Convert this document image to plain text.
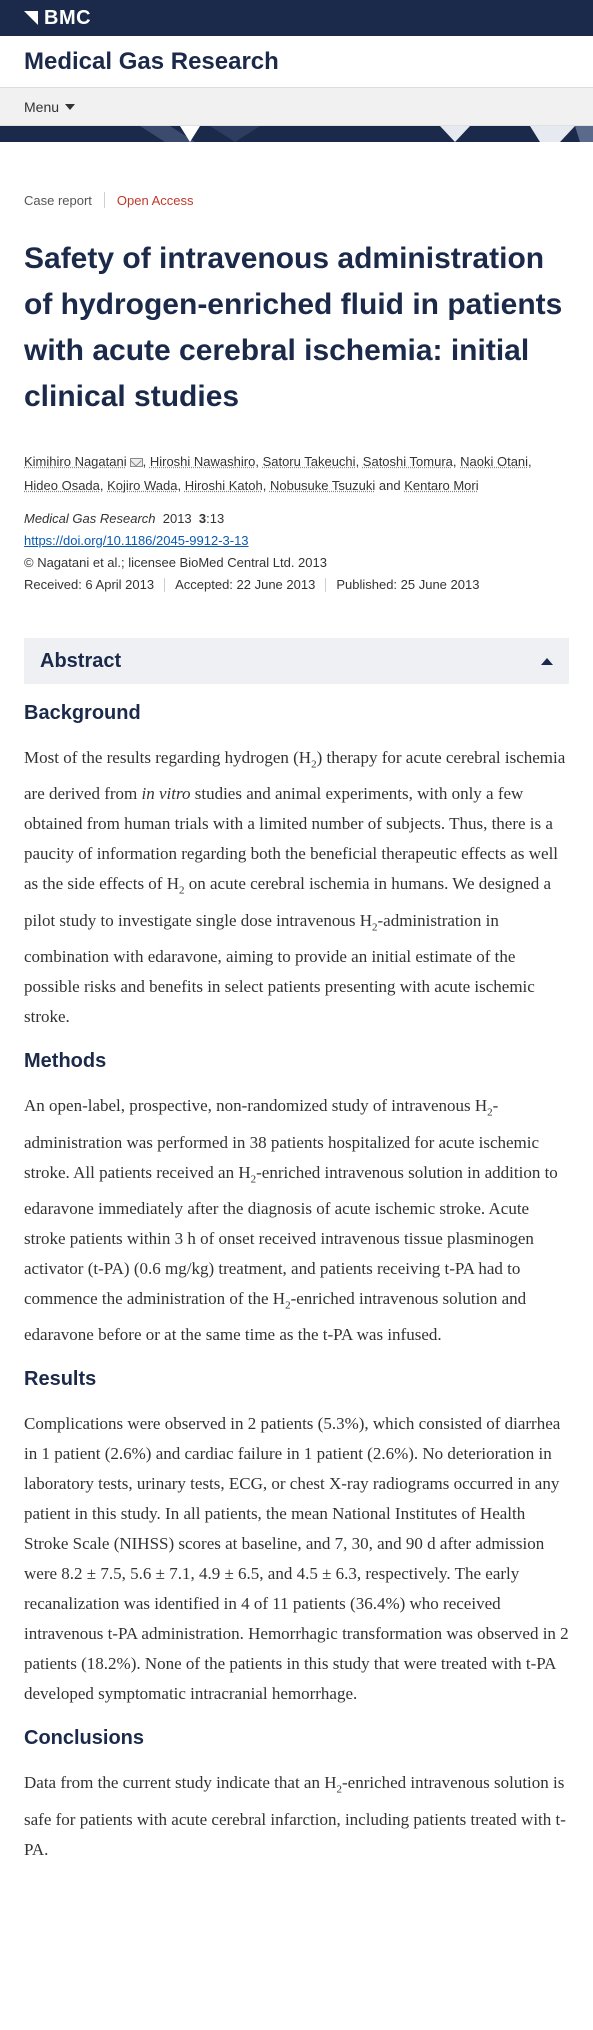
BMC
Medical Gas Research
Menu
Case report Open Access
Safety of intravenous administration of hydrogen-enriched fluid in patients with acute cerebral ischemia: initial clinical studies
Kimihiro Nagatani , Hiroshi Nawashiro, Satoru Takeuchi, Satoshi Tomura, Naoki Otani, Hideo Osada, Kojiro Wada, Hiroshi Katoh, Nobusuke Tsuzuki and Kentaro Mori
Medical Gas Research 2013 3:13
https://doi.org/10.1186/2045-9912-3-13
© Nagatani et al.; licensee BioMed Central Ltd. 2013
Received: 6 April 2013 Accepted: 22 June 2013 Published: 25 June 2013
Abstract
Background

Most of the results regarding hydrogen $(H_2)$ therapy for acute cerebral ischemia are derived from in vitro studies and animal experiments, with only a few obtained from human trials with a limited number of subjects. Thus, there is a paucity of information regarding both the beneficial therapeutic effects as well as the side effects of $H_2$ on acute cerebral ischemia in humans. We designed a pilot study to investigate single dose intravenous $H_2$-administration in combination with edaravone, aiming to provide an initial estimate of the possible risks and benefits in select patients presenting with acute ischemic stroke.

Methods

An open-label, prospective, non-randomized study of intravenous $H_2$-administration was performed in 38 patients hospitalized for acute ischemic stroke. All patients received an $H_2$-enriched intravenous solution in addition to edaravone immediately after the diagnosis of acute ischemic stroke. Acute stroke patients within 3 h of onset received intravenous tissue plasminogen activator (t-PA) (0.6 mg/kg) treatment, and patients receiving t-PA had to commence the administration of the $H_2$-enriched intravenous solution and edaravone before or at the same time as the t-PA was infused.

Results

Complications were observed in 2 patients (5.3%), which consisted of diarrhea in 1 patient (2.6%) and cardiac failure in 1 patient (2.6%). No deterioration in laboratory tests, urinary tests, ECG, or chest X-ray radiograms occurred in any patient in this study. In all patients, the mean National Institutes of Health Stroke Scale (NIHSS) scores at baseline, and 7, 30, and 90 d after admission were 8.2 ± 7.5, 5.6 ± 7.1, 4.9 ± 6.5, and 4.5 ± 6.3, respectively. The early recanalization was identified in 4 of 11 patients (36.4%) who received intravenous t-PA administration. Hemorrhagic transformation was observed in 2 patients (18.2%). None of the patients in this study that were treated with t-PA developed symptomatic intracranial hemorrhage.

Conclusions

Data from the current study indicate that an $H_2$-enriched intravenous solution is safe for patients with acute cerebral infarction, including patients treated with t-PA.
